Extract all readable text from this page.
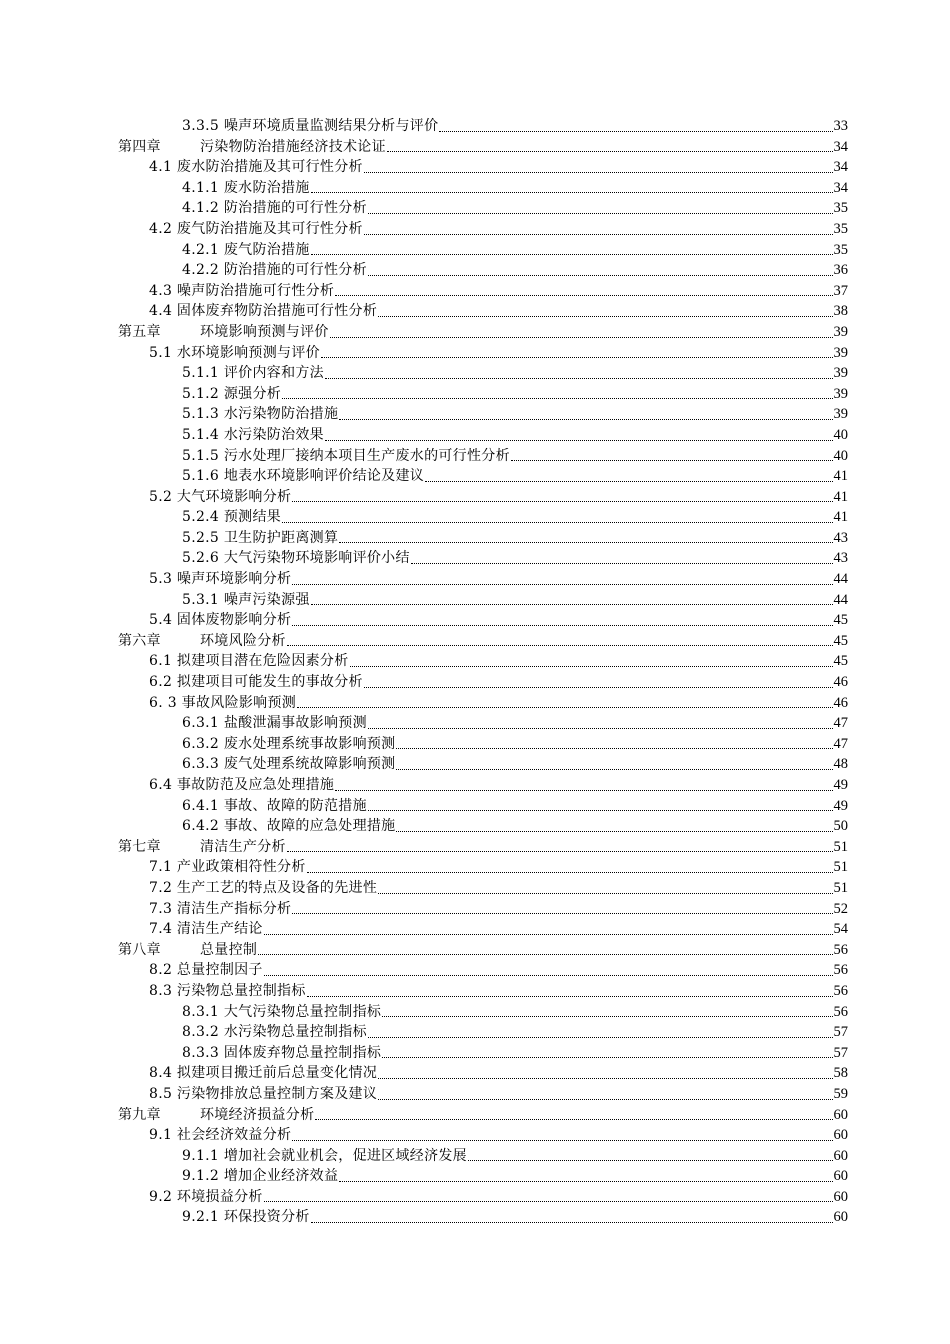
3.3.5 噪声环境质量监测结果分析与评价	33
第四章	污染物防治措施经济技术论证	34
4.1 废水防治措施及其可行性分析	34
4.1.1 废水防治措施	34
4.1.2 防治措施的可行性分析	35
4.2 废气防治措施及其可行性分析	35
4.2.1 废气防治措施	35
4.2.2 防治措施的可行性分析	36
4.3 噪声防治措施可行性分析	37
4.4 固体废弃物防治措施可行性分析	38
第五章	环境影响预测与评价	39
5.1 水环境影响预测与评价	39
5.1.1 评价内容和方法	39
5.1.2 源强分析	39
5.1.3 水污染物防治措施	39
5.1.4 水污染防治效果	40
5.1.5 污水处理厂接纳本项目生产废水的可行性分析	40
5.1.6 地表水环境影响评价结论及建议	41
5.2 大气环境影响分析	41
5.2.4 预测结果	41
5.2.5 卫生防护距离测算	43
5.2.6 大气污染物环境影响评价小结	43
5.3 噪声环境影响分析	44
5.3.1 噪声污染源强	44
5.4 固体废物影响分析	45
第六章	环境风险分析	45
6.1 拟建项目潜在危险因素分析	45
6.2 拟建项目可能发生的事故分析	46
6. 3 事故风险影响预测	46
6.3.1 盐酸泄漏事故影响预测	47
6.3.2 废水处理系统事故影响预测	47
6.3.3 废气处理系统故障影响预测	48
6.4 事故防范及应急处理措施	49
6.4.1 事故、故障的防范措施	49
6.4.2 事故、故障的应急处理措施	50
第七章	清洁生产分析	51
7.1 产业政策相符性分析	51
7.2 生产工艺的特点及设备的先进性	51
7.3 清洁生产指标分析	52
7.4 清洁生产结论	54
第八章	总量控制	56
8.2 总量控制因子	56
8.3 污染物总量控制指标	56
8.3.1 大气污染物总量控制指标	56
8.3.2 水污染物总量控制指标	57
8.3.3 固体废弃物总量控制指标	57
8.4 拟建项目搬迁前后总量变化情况	58
8.5 污染物排放总量控制方案及建议	59
第九章	环境经济损益分析	60
9.1 社会经济效益分析	60
9.1.1 增加社会就业机会，促进区域经济发展	60
9.1.2 增加企业经济效益	60
9.2 环境损益分析	60
9.2.1 环保投资分析	60
